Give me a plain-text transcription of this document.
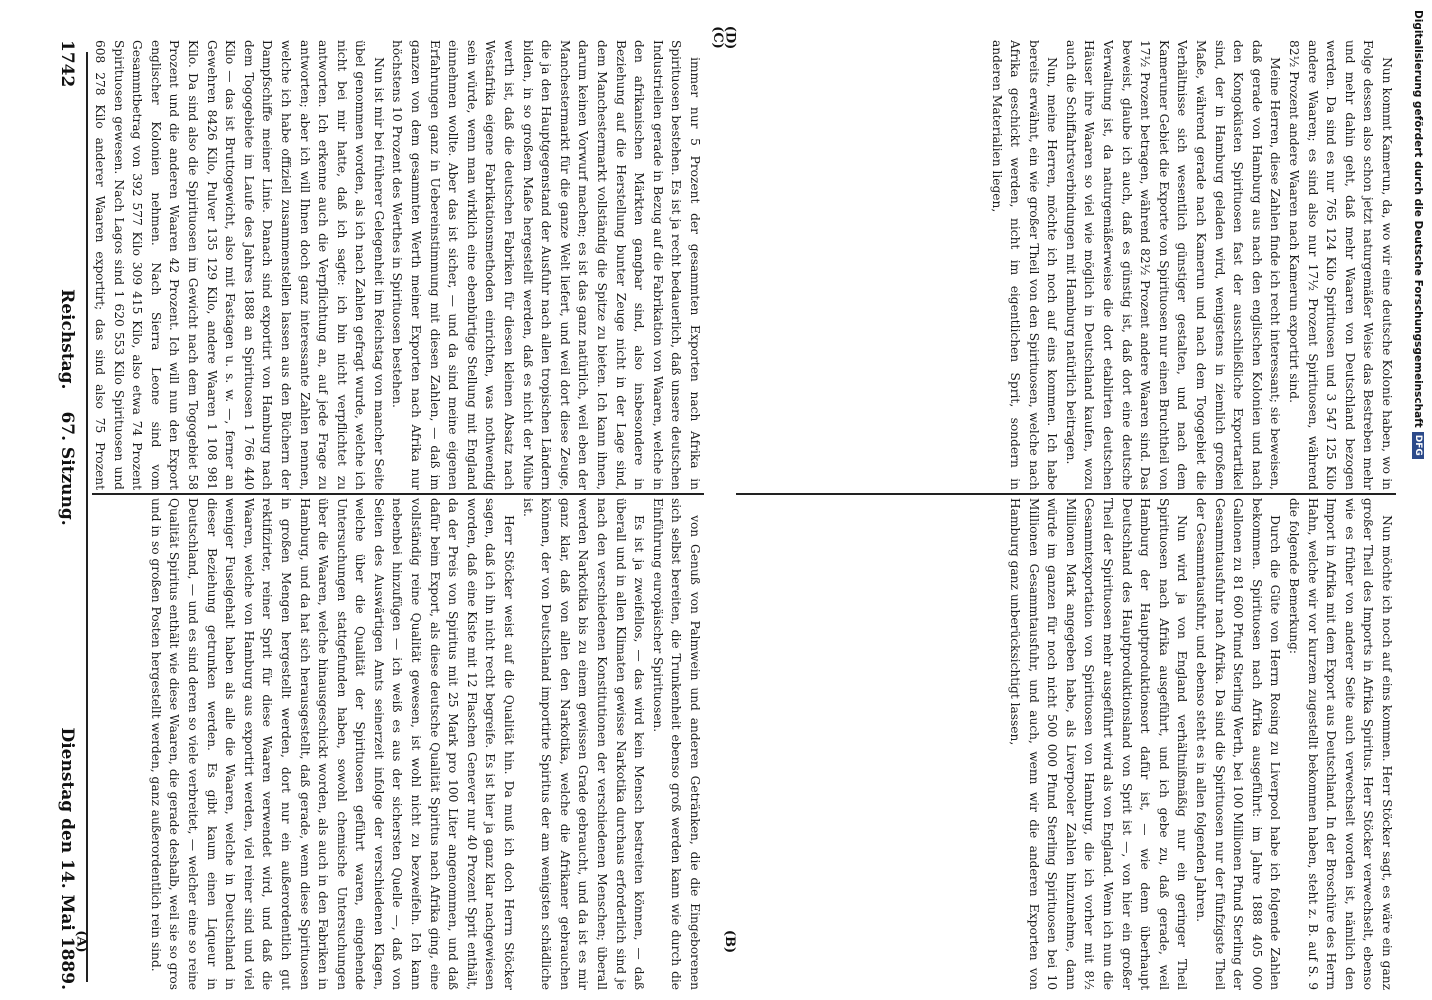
1742
Reichstag.
67. Sitzung.
Dienstag den 14. Mai 1889.	von Genuß von Palmwein und anderen Getränken, die die Eingeborenen sich selbst bereiten, die Trunkenheit ebenso groß werden kann wie durch die Einführung europäischer Spirituosen.

Es ist ja zweifellos, — das wird kein Mensch bestreiten können, — daß überall und in allen Klimaten gewisse Narkotika durchaus erforderlich sind je nach den verschiedenen Konstitutionen der verschiedenen Menschen; überall werden Narkotika bis zu einem gewissen Grade gebraucht, und da ist es mir ganz klar, daß von allen den Narkotika, welche die Afrikaner gebrauchen können, der von Deutschland importirte Spiritus der am wenigsten schädliche ist.

Herr Stöcker weist auf die Qualität hin. Da muß ich doch Herrn Stöcker sagen, daß ich ihn nicht recht begreife. Es ist hier ja ganz klar nachgewiesen worden, daß eine Kiste mit 12 Flaschen Genever nur 40 Prozent Sprit enthält, da der Preis von Spiritus mit 25 Mark pro 100 Liter angenommen, und daß dafür beim Export, als diese deutsche Qualität Spiritus nach Afrika ging, eine vollständig reine Qualität gewesen, ist wohl nicht zu bezweifeln. Ich kann nebenbei hinzufügen — ich weiß es aus der sichersten Quelle —, daß von Seiten des Auswärtigen Amts seinerzeit infolge der verschiedenen Klagen, welche über die Qualität der Spirituosen geführt waren, eingehende Untersuchungen stattgefunden haben, sowohl chemische Untersuchungen über die Waaren, welche hinausgeschickt worden, als auch in den Fabriken in Hamburg, und da hat sich herausgestellt, daß gerade, wenn diese Spirituosen in großen Mengen hergestellt werden, dort nur ein außerordentlich gut rektifizirter, reiner Sprit für diese Waaren verwendet wird, und daß die Waaren, welche von Hamburg aus exportirt werden, viel reiner sind und viel weniger Fuselgehalt haben als alle die Waaren, welche in Deutschland in dieser Beziehung getrunken werden. Es gibt kaum einen Liqueur in Deutschland, — und es sind deren so viele verbreitet, — welcher eine so reine Qualität Spiritus enthält wie diese Waaren, die gerade deshalb, weil sie so gros und in so großen Posten hergestellt werden, ganz außerordentlich rein sind.

immer nur 5 Prozent der gesammten Exporten nach Afrika in Spirituosen bestehen. Es ist ja recht bedauerlich, daß unsere deutschen Industriellen gerade in Bezug auf die Fabrikation von Waaren, welche in den afrikanischen Märkten gangbar sind, also insbesondere in Beziehung auf die Herstellung bunter Zeuge nicht in der Lage sind, dem Manchestermarkt vollständig die Spitze zu bieten. Ich kann ihnen, darum keinen Vorwurf machen; es ist das ganz natürlich, weil eben der Manchestermarkt für die ganze Welt liefert, und weil dort diese Zeuge, die ja den Hauptgegenstand der Ausfuhr nach allen tropischen Ländern bilden, in so großem Maße hergestellt werden, daß es nicht der Mühe werth ist, daß die deutschen Fabriken für diesen kleinen Absatz nach Westafrika eigene Fabrikationsmethoden einrichten, was nothwendig sein würde, wenn man wirklich eine ebenbürtige Stellung mit England einnehmen wollte. Aber das ist sicher, — und da sind meine eigenen Erfahrungen ganz in Uebereinstimmung mit diesen Zahlen, — daß im ganzen von dem gesammten Werth meiner Exporten nach Afrika nur höchstens 10 Prozent des Werthes in Spirituosen bestehen.

Nun ist mir bei früherer Gelegenheit im Reichstag von mancher Seite übel genommen worden, als ich nach Zahlen gefragt wurde, welche ich nicht bei mir hatte, daß ich sagte: ich bin nicht verpflichtet zu antworten. Ich erkenne auch die Verpflichtung an, auf jede Frage zu antworten; aber ich will Ihnen doch ganz interessante Zahlen nennen, welche ich habe offiziell zusammenstellen lassen aus den Büchern der Dampfschiffe meiner Linie. Danach sind exportirt von Hamburg nach dem Togogebiete im Laufe des Jahres 1888 an Spirituosen 1 766 440 Kilo — das ist Bruttogewicht, also mit Fastagen u. s. w. —, ferner an Gewehren 8426 Kilo, Pulver 135 129 Kilo, andere Waaren 1 108 981 Kilo. Da sind also die Spirituosen im Gewicht nach dem Togogebiet 58 Prozent und die anderen Waaren 42 Prozent. Ich will nun den Export englischer Kolonien nehmen. Nach Sierra Leone sind vom Gesammtbetrag von 392 577 Kilo 309 415 Kilo, also etwa 74 Prozent Spirituosen gewesen. Nach Lagos sind 1 620 553 Kilo Spirituosen und 608 278 Kilo anderer Waaren exportirt; das sind also 75 Prozent

(A)	(B)
(C)
(D)

Nun möchte ich noch auf eins kommen. Herr Stöcker sagt, es wäre ein ganz großer Theil des Imports in Afrika Spiritus. Herr Stöcker verwechselt, ebenso wie es früher von anderer Seite auch verwechselt worden ist, nämlich den Import in Afrika mit dem Export aus Deutschland. In der Broschüre des Herrn Hahn, welche wir vor kurzem zugestellt bekommen haben, steht z. B. auf S. 9 die folgende Bemerkung:

Durch die Güte von Herrn Rosing zu Liverpool habe ich folgende Zahlen bekommen. Spirituosen nach Afrika ausgeführt: im Jahre 1888 405 000 Gallonen zu 81 600 Pfund Sterling Werth, bei 100 Millionen Pfund Sterling der Gesammtausfuhr nach Afrika. Da sind die Spirituosen nur der fünfzigste Theil der Gesammtausfuhr, und ebenso steht es in allen folgenden Jahren.

Nun wird ja von England verhältnißmäßig nur ein geringer Theil Spirituosen nach Afrika ausgeführt, und ich gebe zu, daß gerade, weil Hamburg der Hauptproduktionsort dafür ist, — wie denn überhaupt Deutschland des Hauptproduktionsland von Sprit ist —, von hier ein großer Theil der Spirituosen mehr ausgeführt wird als von England. Wenn ich nun die Gesammtexportation von Spirituosen von Hamburg, die ich vorher mit 8½ Millionen Mark angegeben habe, als Liverpooler Zahlen hinzunehme, dann würde im ganzen für noch nicht 500 000 Pfund Sterling Spirituosen bei 10 Millionen Gesammtausfuhr, und auch, wenn wir die anderen Exporten von Hamburg ganz unberücksichtigt lassen,

Nun kommt Kamerun, da, wo wir eine deutsche Kolonie haben, wo in Folge dessen also schon jetzt naturgemäßer Weise das Bestreben mehr und mehr dahin geht, daß mehr Waaren von Deutschland bezogen werden. Da sind es nur 765 124 Kilo Spirituosen und 3 547 125 Kilo andere Waaren; es sind also nur 17½ Prozent Spirituosen, während 82½ Prozent andere Waaren nach Kamerun exportirt sind.

Meine Herren, diese Zahlen finde ich recht interessant; sie beweisen, daß gerade von Hamburg aus nach den englischen Kolonien und nach den Kongoküsten Spirituosen fast der ausschließliche Exportartikel sind, der in Hamburg geladen wird, wenigstens in ziemlich großem Maße, während gerade nach Kamerun und nach dem Togogebiet die Verhältnisse sich wesentlich günstiger gestalten, und nach dem Kameruner Gebiet die Exporte von Spirituosen nur einen Bruchtheil von 17½ Prozent betragen, während 82½ Prozent andere Waaren sind. Das beweist, glaube ich auch, daß es günstig ist, daß dort eine deutsche Verwaltung ist, da naturgemäßerweise die dort etablirten deutschen Häuser ihre Waaren so viel wie möglich in Deutschland kaufen, wozu auch die Schiffahrtsverbindungen mit Hamburg natürlich beitragen.

Nun, meine Herren, möchte ich noch auf eins kommen. Ich habe bereits erwähnt, ein wie großer Theil von den Spirituosen, welche nach Afrika geschickt werden, nicht im eigentlichen Sprit, sondern in anderen Materialien liegen,	Digitalisierung gefördert durch die Deutsche Forschungsgemeinschaft
DFG
